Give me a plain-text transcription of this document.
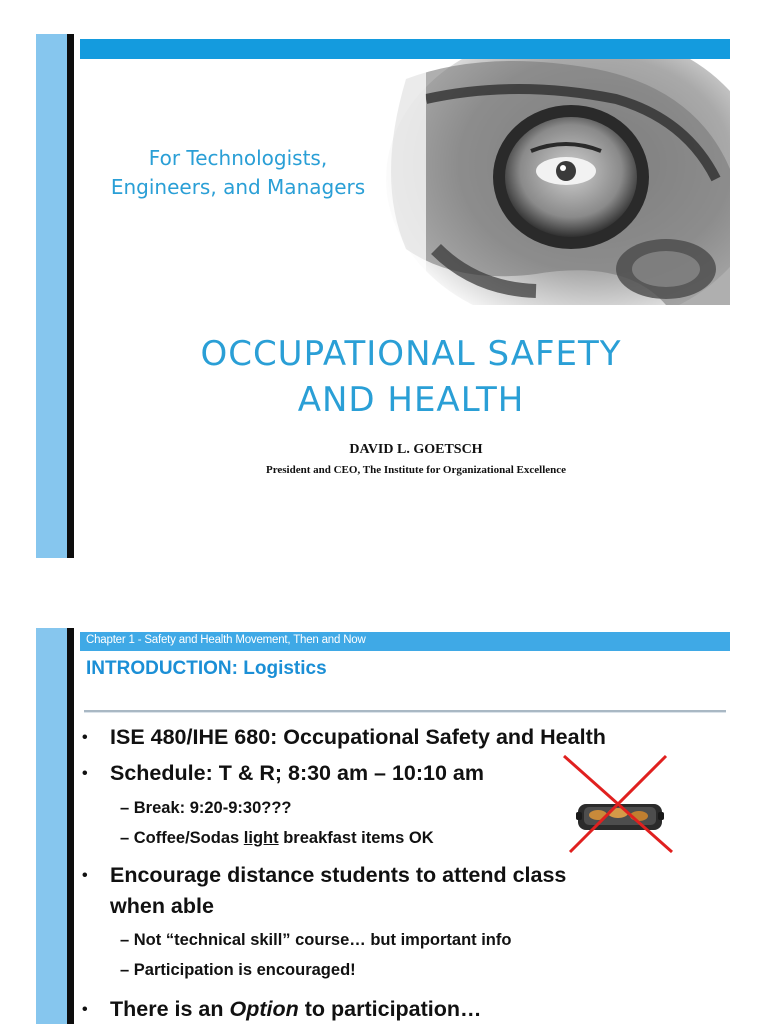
For Technologists,
Engineers, and Managers
OCCUPATIONAL SAFETY
AND HEALTH
DAVID L. GOETSCH
President and CEO, The Institute for Organizational Excellence
Chapter 1 - Safety and Health Movement, Then and Now
INTRODUCTION: Logistics
• ISE 480/IHE 680: Occupational Safety and Health
• Schedule: T & R; 8:30 am – 10:10 am
– Break: 9:20-9:30???
– Coffee/Sodas light breakfast items OK
• Encourage distance students to attend class
when able
– Not “technical skill” course… but important info
– Participation is encouraged!
• There is an Option to participation…
